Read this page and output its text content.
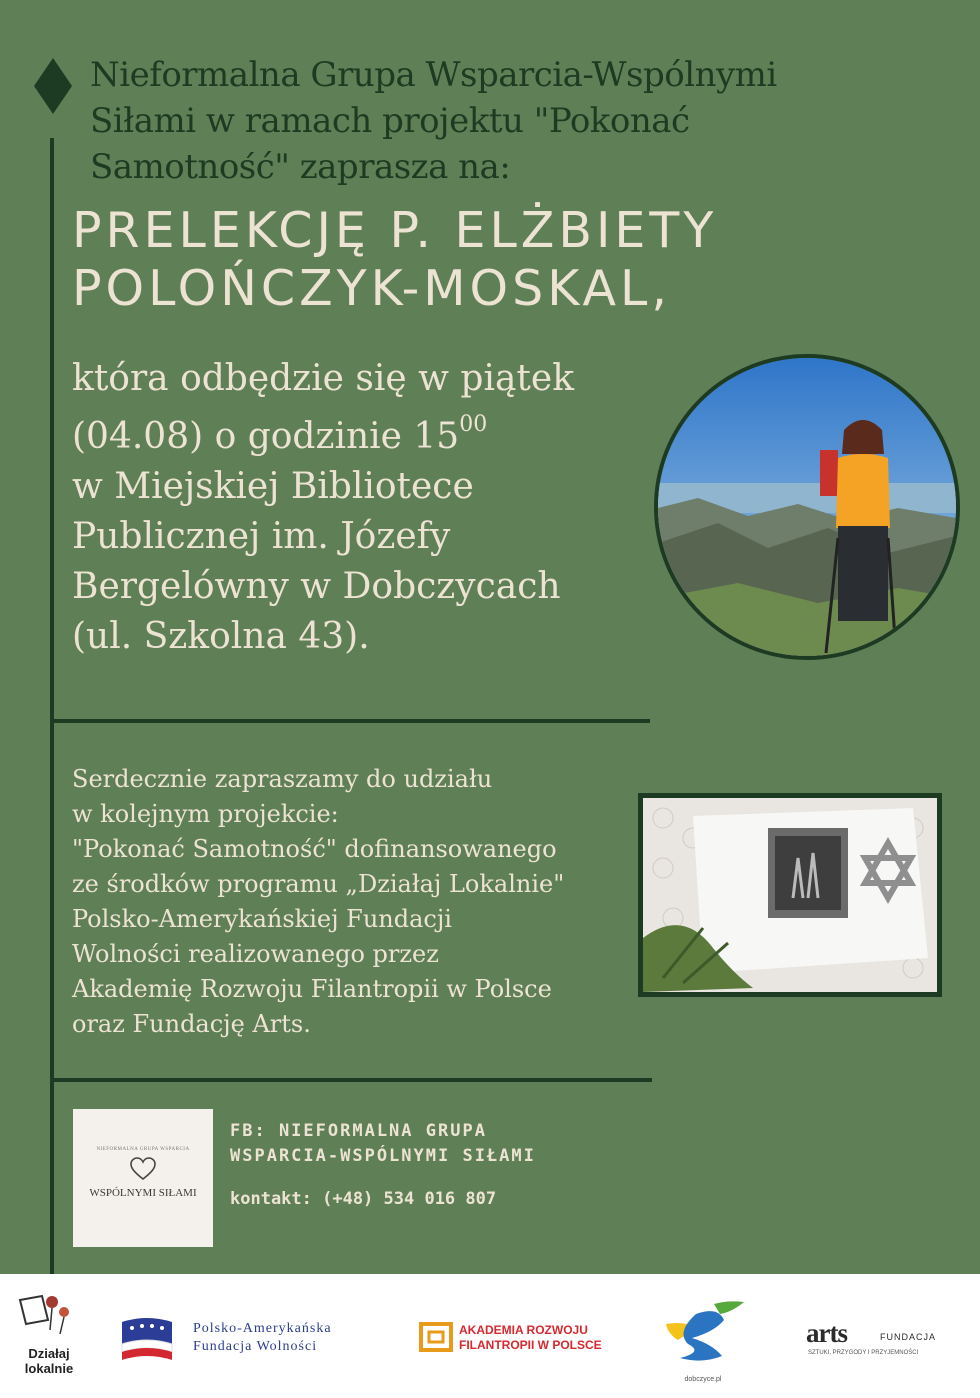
Nieformalna Grupa Wsparcia-Wspólnymi
Siłami w ramach projektu "Pokonać
Samotność" zaprasza na:
PRELEKCJĘ P. ELŻBIETY
POLOŃCZYK-MOSKAL,
która odbędzie się w piątek
(04.08) o godzinie $15^{00}$
w Miejskiej Bibliotece
Publicznej im. Józefy
Bergelówny w Dobczycach
(ul. Szkolna 43).
Serdecznie zapraszamy do udziału
w kolejnym projekcie:
"Pokonać Samotność" dofinansowanego
ze środków programu „Działaj Lokalnie"
Polsko-Amerykańskiej Fundacji
Wolności realizowanego przez
Akademię Rozwoju Filantropii w Polsce
oraz Fundację Arts.
NIEFORMALNA GRUPA WSPARCIA
WSPÓLNYMI SIŁAMI
FB: NIEFORMALNA GRUPA
WSPARCIA-WSPÓLNYMI SIŁAMI
kontakt: (+48) 534 016 807
Działaj
lokalnie
Polsko-Amerykańska
Fundacja Wolności
AKADEMIA ROZWOJU
FILANTROPII W POLSCE
dobczyce.pl
arts	FUNDACJA
SZTUKI, PRZYGODY I PRZYJEMNOŚCI
